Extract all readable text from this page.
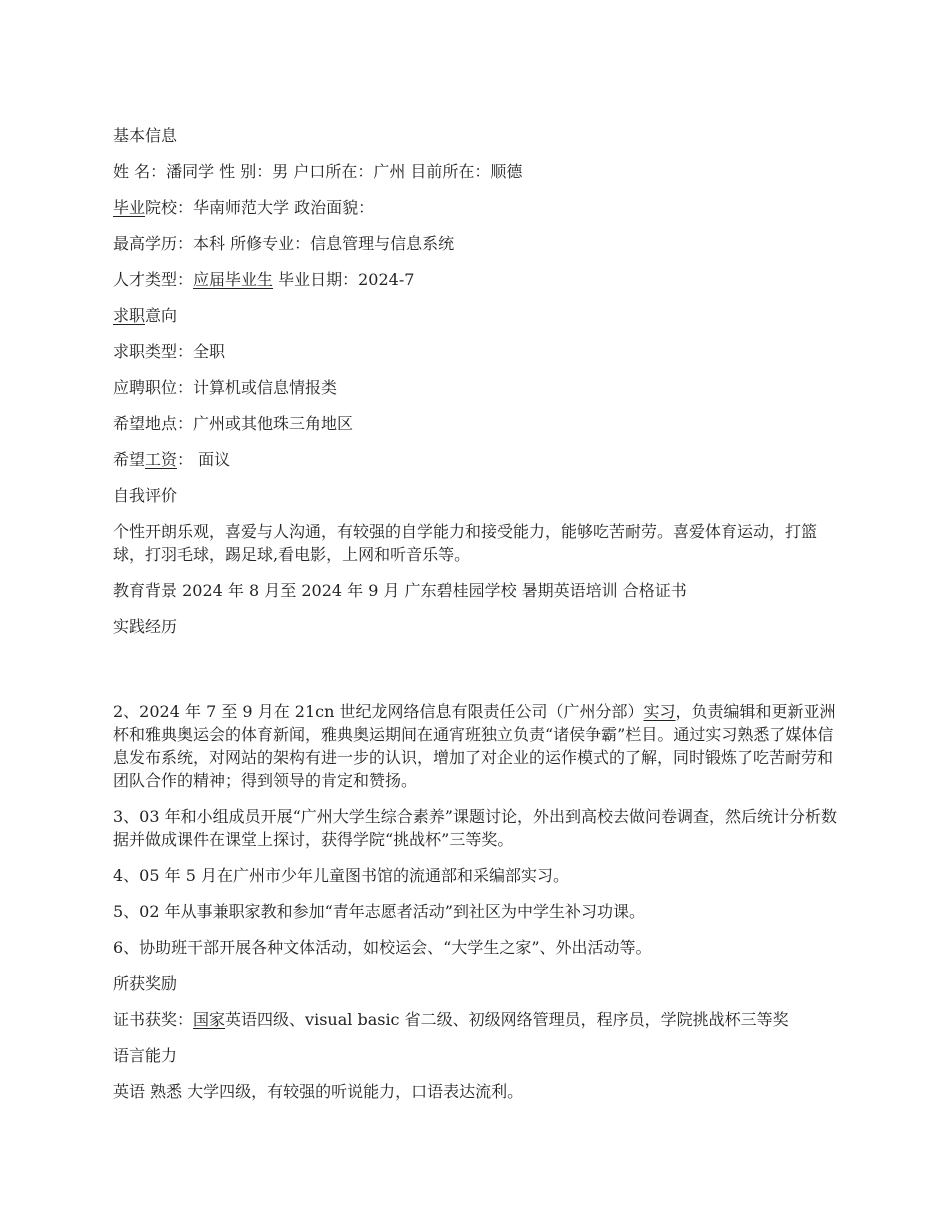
基本信息

姓 名：潘同学 性 别：男 户口所在：广州 目前所在：顺德

毕业院校：华南师范大学 政治面貌：

最高学历：本科 所修专业：信息管理与信息系统

人才类型：应届毕业生 毕业日期：2024-7

求职意向

求职类型：全职

应聘职位：计算机或信息情报类

希望地点：广州或其他珠三角地区

希望工资： 面议

自我评价

个性开朗乐观，喜爱与人沟通，有较强的自学能力和接受能力，能够吃苦耐劳。喜爱体育运动，打篮球，打羽毛球，踢足球,看电影，上网和听音乐等。

教育背景 2024 年 8 月至 2024 年 9 月 广东碧桂园学校 暑期英语培训 合格证书

实践经历

2、2024 年 7 至 9 月在 21cn 世纪龙网络信息有限责任公司（广州分部）实习，负责编辑和更新亚洲杯和雅典奥运会的体育新闻，雅典奥运期间在通宵班独立负责“诸侯争霸”栏目。通过实习熟悉了媒体信息发布系统，对网站的架构有进一步的认识，增加了对企业的运作模式的了解，同时锻炼了吃苦耐劳和团队合作的精神；得到领导的肯定和赞扬。

3、03 年和小组成员开展“广州大学生综合素养”课题讨论，外出到高校去做问卷调查，然后统计分析数据并做成课件在课堂上探讨，获得学院“挑战杯”三等奖。

4、05 年 5 月在广州市少年儿童图书馆的流通部和采编部实习。

5、02 年从事兼职家教和参加“青年志愿者活动”到社区为中学生补习功课。

6、协助班干部开展各种文体活动，如校运会、“大学生之家”、外出活动等。

所获奖励

证书获奖：国家英语四级、visual basic 省二级、初级网络管理员，程序员，学院挑战杯三等奖

语言能力

英语 熟悉 大学四级，有较强的听说能力，口语表达流利。
